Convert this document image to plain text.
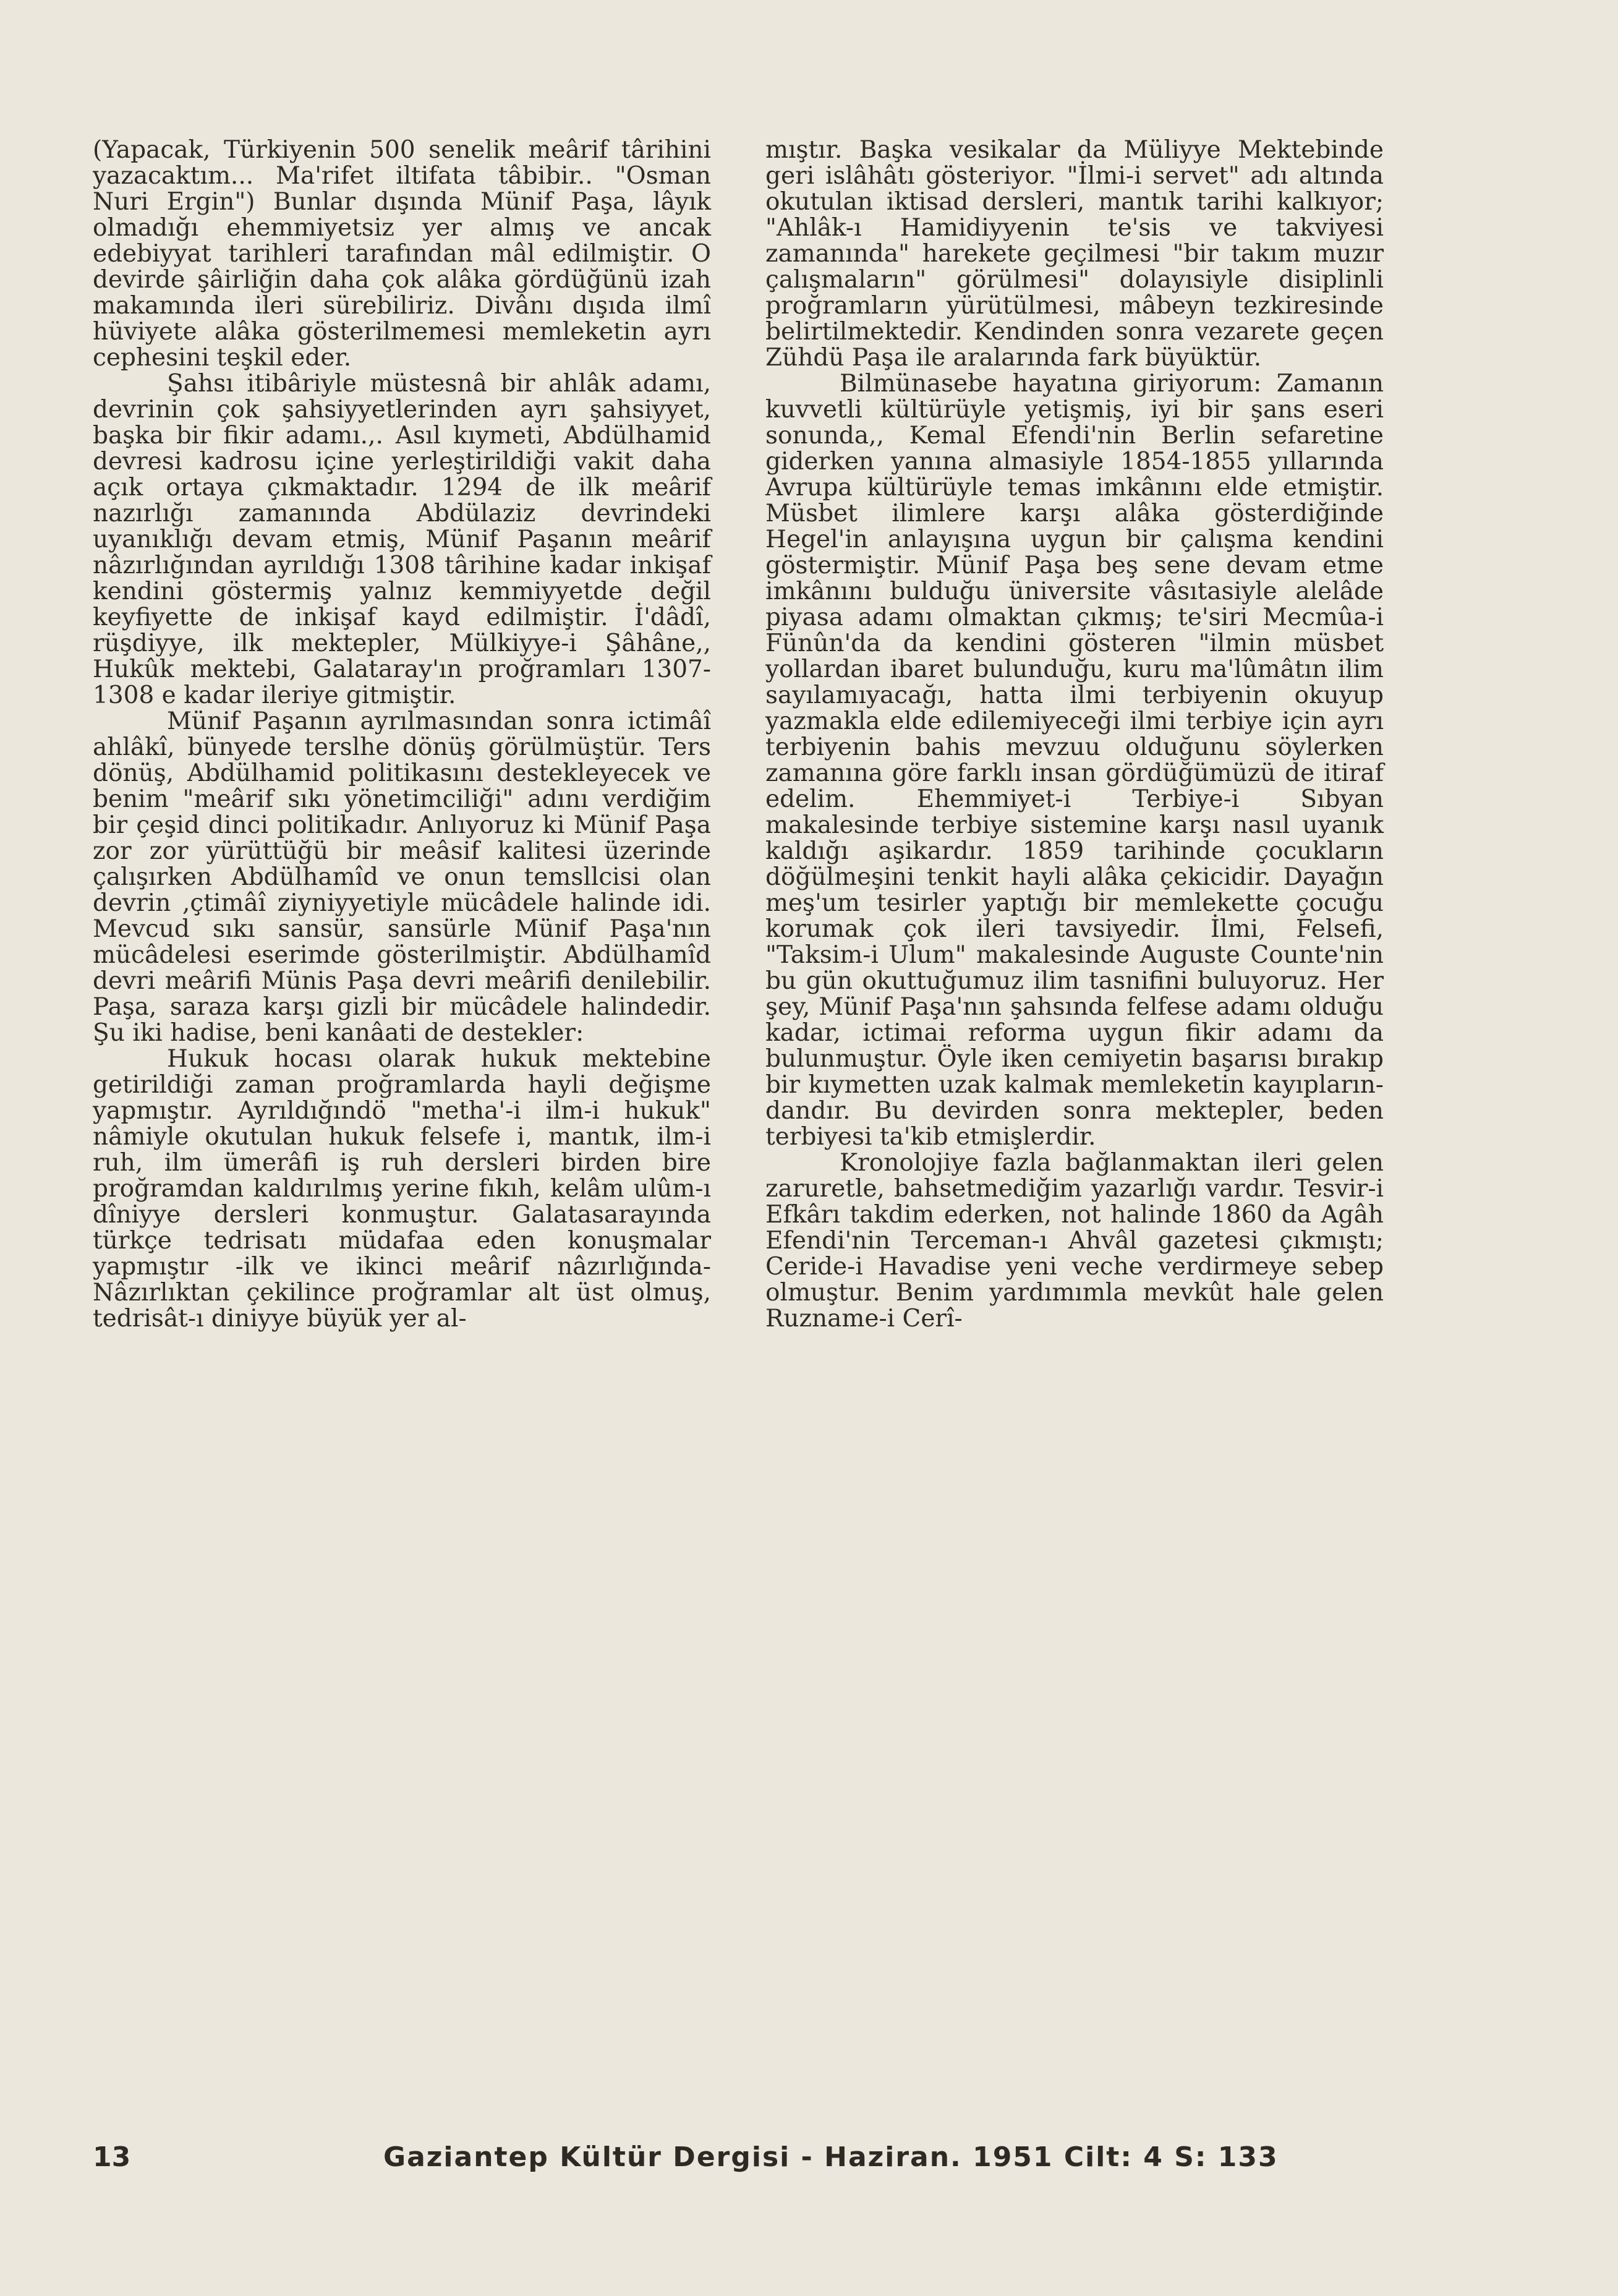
(Yapacak, Türkiyenin 500 senelik meârif târihini yazacaktım... Ma'rifet iltifata tâbibir.. "Osman Nuri Ergin") Bunlar dışında Münif Paşa, lâyık olmadığı ehemmiyetsiz yer almış ve ancak edebiyyat tarihleri tarafından mâl edilmiştir. O devirde şâirliğin daha çok alâka gördüğünü izah makamında ileri sürebiliriz. Divânı dışıda ilmî hüviyete alâka gösterilmemesi memleketin ayrı cephesini teşkil eder.

Şahsı itibâriyle müstesnâ bir ahlâk adamı, devrinin çok şahsiyyetlerinden ayrı şahsiyyet, başka bir fikir adamı.,. Asıl kıymeti, Abdülhamid devresi kadrosu içine yerleştirildiği vakit daha açık ortaya çıkmaktadır. 1294 de ilk meârif nazırlığı zamanında Abdülaziz devrindeki uyanıklığı devam etmiş, Münif Paşanın meârif nâzırlığından ayrıldığı 1308 târihine kadar inkişaf kendini göstermiş yalnız kemmiyyetde değil keyfiyette de inkişaf kayd edilmiştir. İ'dâdî, rüşdiyye, ilk mektepler, Mülkiyye-i Şâhâne,, Hukûk mektebi, Galataray'ın proğramları 1307-1308 e kadar ileriye gitmiştir.

Münif Paşanın ayrılmasından sonra ictimâî ahlâkî, bünyede terslhe dönüş görülmüştür. Ters dönüş, Abdülhamid politikasını destekleyecek ve benim "meârif sıkı yönetimciliği" adını verdiğim bir çeşid dinci politikadır. Anlıyoruz ki Münif Paşa zor zor yürüttüğü bir meâsif kalitesi üzerinde çalışırken Abdülhamîd ve onun temsllcisi olan devrin ,çtimâî ziyniyyetiyle mücâdele halinde idi. Mevcud sıkı sansür, sansürle Münif Paşa'nın mücâdelesi eserimde gösterilmiştir. Abdülhamîd devri meârifi Münis Paşa devri meârifi denilebilir. Paşa, saraza karşı gizli bir mücâdele halindedir. Şu iki hadise, beni kanâati de destekler:

Hukuk hocası olarak hukuk mektebine getirildiği zaman proğramlarda hayli değişme yapmıştır. Ayrıldığındö "metha'-i ilm-i hukuk" nâmiyle okutulan hukuk felsefe i, mantık, ilm-i ruh, ilm ümerâfi iş ruh dersleri birden bire proğramdan kaldırılmış yerine fıkıh, kelâm ulûm-ı dîniyye dersleri konmuştur. Galatasarayında türkçe tedrisatı müdafaa eden konuşmalar yapmıştır -ilk ve ikinci meârif nâzırlığında- Nâzırlıktan çekilince proğramlar alt üst olmuş, tedrisât-ı diniyye büyük yer al-

mıştır. Başka vesikalar da Müliyye Mektebinde geri islâhâtı gösteriyor. "İlmi-i servet" adı altında okutulan iktisad dersleri, mantık tarihi kalkıyor; "Ahlâk-ı Hamidiyyenin te'sis ve takviyesi zamanında" harekete geçilmesi "bir takım muzır çalışmaların" görülmesi" dolayısiyle disiplinli proğramların yürütülmesi, mâbeyn tezkiresinde belirtilmektedir. Kendinden sonra vezarete geçen Zühdü Paşa ile aralarında fark büyüktür.

Bilmünasebe hayatına giriyorum: Zamanın kuvvetli kültürüyle yetişmiş, iyi bir şans eseri sonunda,, Kemal Efendi'nin Berlin sefaretine giderken yanına almasiyle 1854-1855 yıllarında Avrupa kültürüyle temas imkânını elde etmiştir. Müsbet ilimlere karşı alâka gösterdiğinde Hegel'in anlayışına uygun bir çalışma kendini göstermiştir. Münif Paşa beş sene devam etme imkânını bulduğu üniversite vâsıtasiyle alelâde piyasa adamı olmaktan çıkmış; te'siri Mecmûa-i Fünûn'da da kendini gösteren "ilmin müsbet yollardan ibaret bulunduğu, kuru ma'lûmâtın ilim sayılamıyacağı, hatta ilmi terbiyenin okuyup yazmakla elde edilemiyeceği ilmi terbiye için ayrı terbiyenin bahis mevzuu olduğunu söylerken zamanına göre farklı insan gördüğümüzü de itiraf edelim. Ehemmiyet-i Terbiye-i Sıbyan makalesinde terbiye sistemine karşı nasıl uyanık kaldığı aşikardır. 1859 tarihinde çocukların döğülmeşini tenkit hayli alâka çekicidir. Dayağın meş'um tesirler yaptığı bir memlekette çocuğu korumak çok ileri tavsiyedir. İlmi, Felsefi, "Taksim-i Ulum" makalesinde Auguste Counte'nin bu gün okuttuğumuz ilim tasnifini buluyoruz. Her şey, Münif Paşa'nın şahsında felfese adamı olduğu kadar, ictimai reforma uygun fikir adamı da bulunmuştur. Öyle iken cemiyetin başarısı bırakıp bir kıymetten uzak kalmak memleketin kayıpların-dandır. Bu devirden sonra mektepler, beden terbiyesi ta'kib etmişlerdir.

Kronolojiye fazla bağlanmaktan ileri gelen zaruretle, bahsetmediğim yazarlığı vardır. Tesvir-i Efkârı takdim ederken, not halinde 1860 da Agâh Efendi'nin Terceman-ı Ahvâl gazetesi çıkmıştı; Ceride-i Havadise yeni veche verdirmeye sebep olmuştur. Benim yardımımla mevkût hale gelen Ruzname-i Cerî-

13	Gaziantep Kültür Dergisi - Haziran. 1951 Cilt: 4 S: 133
